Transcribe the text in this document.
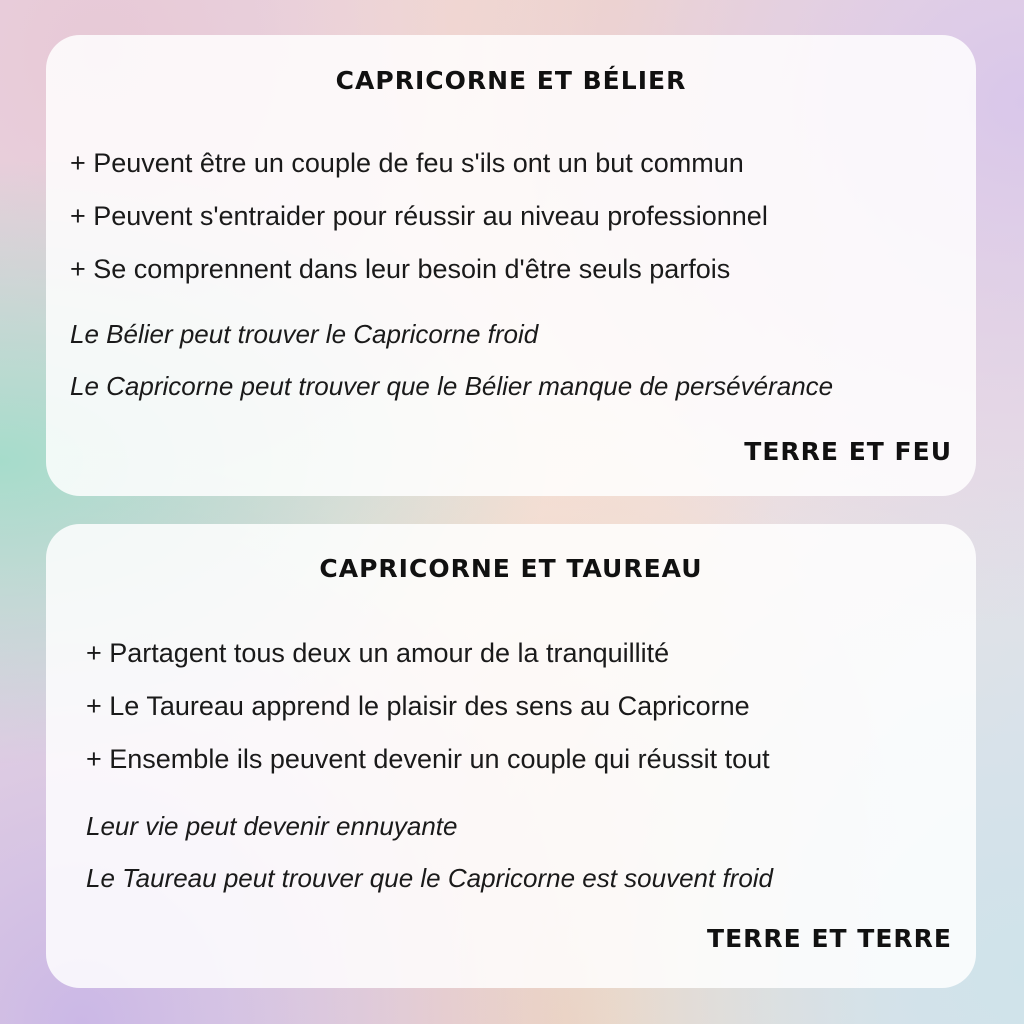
CAPRICORNE ET BÉLIER
+ Peuvent être un couple de feu s'ils ont un but commun
+ Peuvent s'entraider pour réussir au niveau professionnel
+ Se comprennent dans leur besoin d'être seuls parfois
Le Bélier peut trouver le Capricorne froid
Le Capricorne peut trouver que le Bélier manque de persévérance
TERRE ET FEU
CAPRICORNE ET TAUREAU
+ Partagent tous deux un amour de la tranquillité
+ Le Taureau apprend le plaisir des sens au Capricorne
+ Ensemble ils peuvent devenir un couple qui réussit tout
Leur vie peut devenir ennuyante
Le Taureau peut trouver que le Capricorne est souvent froid
TERRE ET TERRE
